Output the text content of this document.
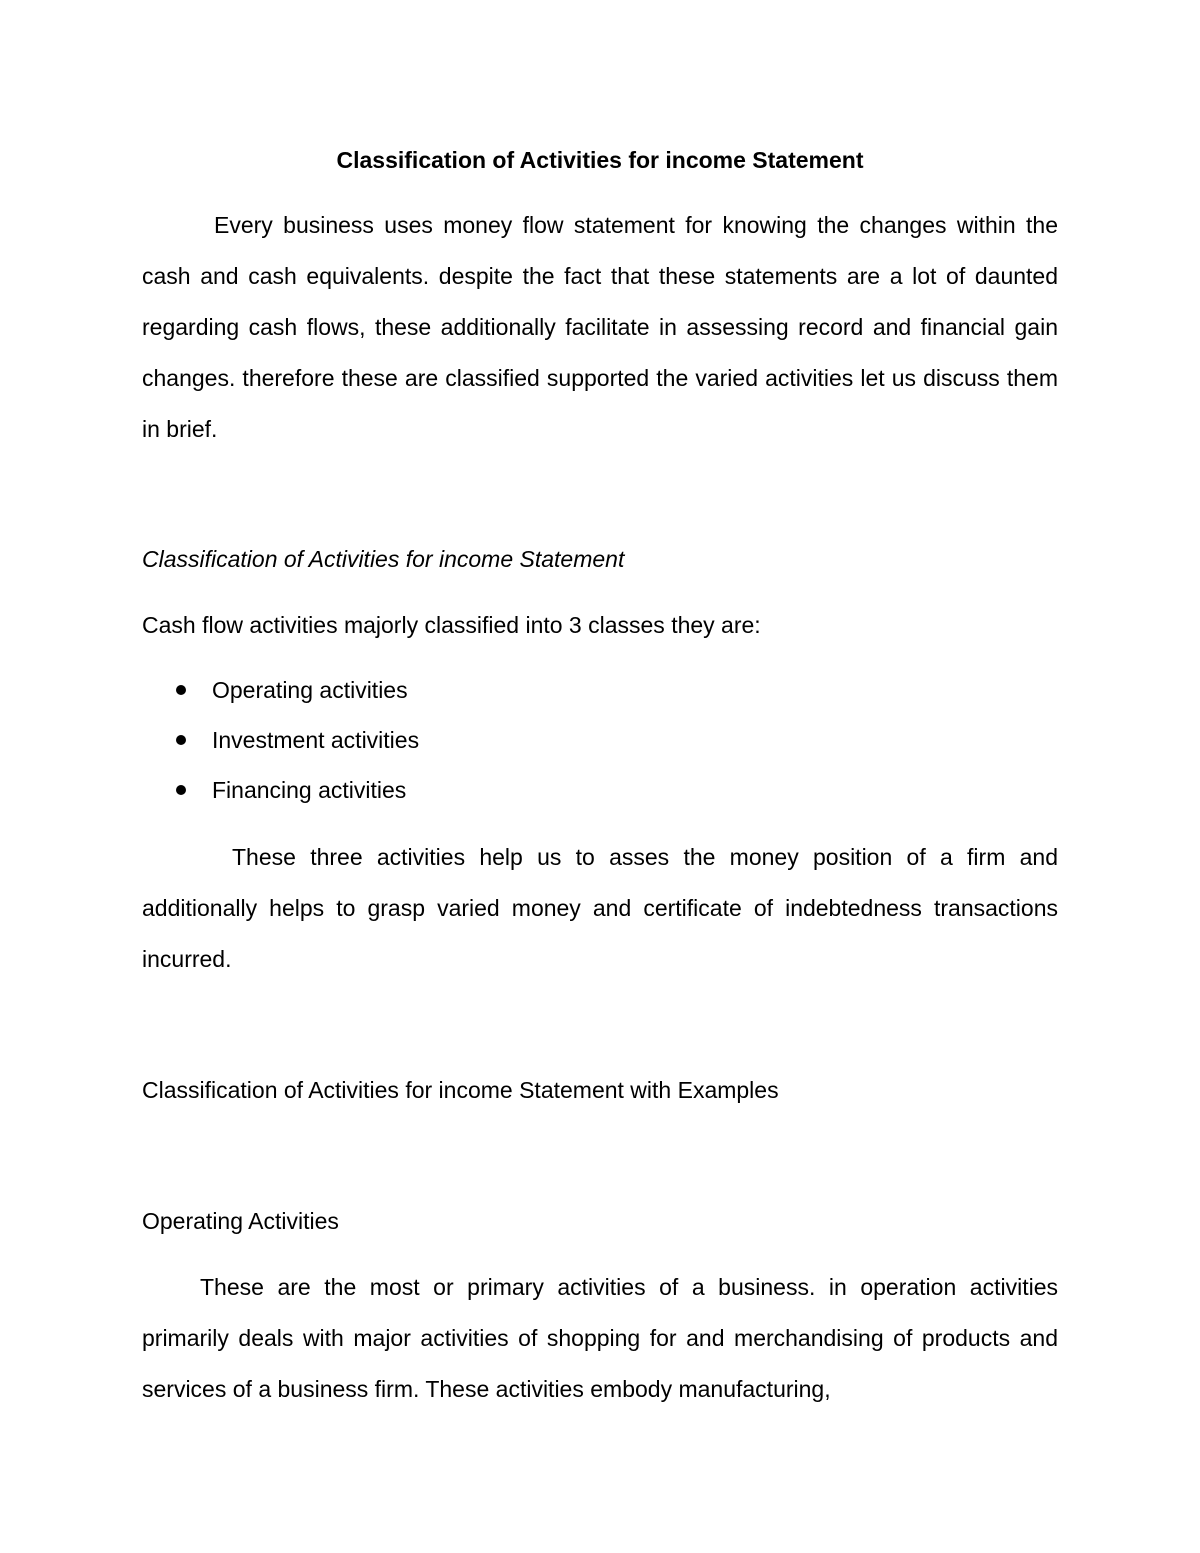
Classification of Activities for income Statement

Every business uses money flow statement for knowing the changes within the cash and cash equivalents. despite the fact that these statements are a lot of daunted regarding cash flows, these additionally facilitate in assessing record and financial gain changes. therefore these are classified supported the varied activities let us discuss them in brief.

Classification of Activities for income Statement

Cash flow activities majorly classified into 3 classes they are:

Operating activities
Investment activities
Financing activities

These three activities help us to asses the money position of a firm and additionally helps to grasp varied money and certificate of indebtedness transactions incurred.

Classification of Activities for income Statement with Examples

Operating Activities

These are the most or primary activities of a business. in operation activities primarily deals with major activities of shopping for and merchandising of products and services of a business firm. These activities embody manufacturing,
